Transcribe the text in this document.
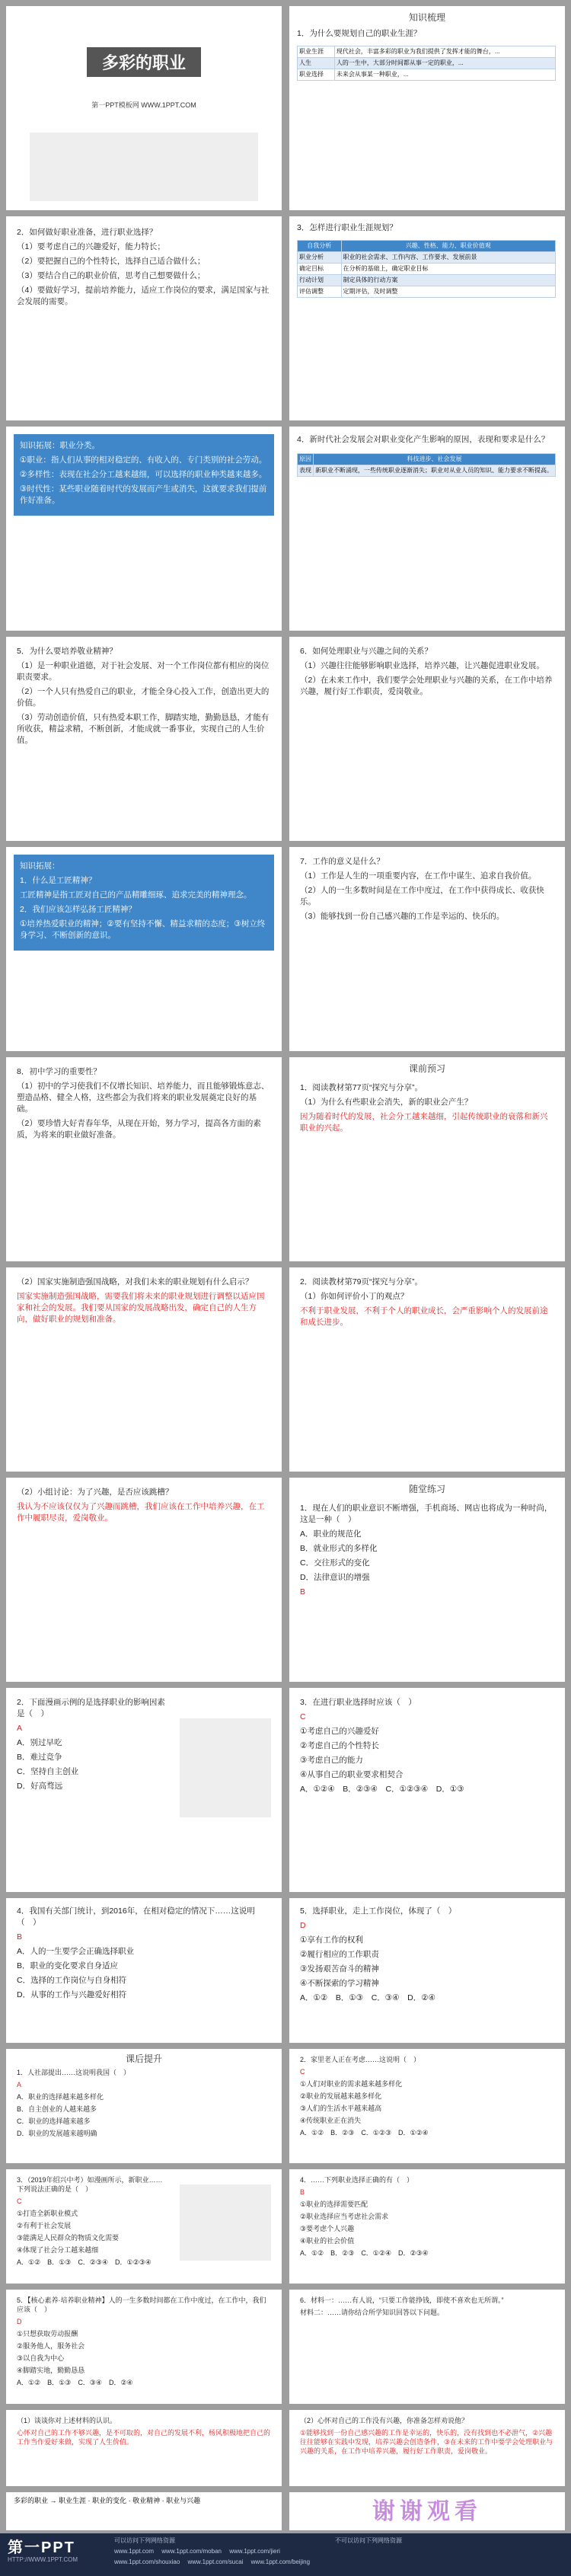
多彩的职业
第一PPT模板网 WWW.1PPT.COM
知识梳理
1．为什么要规划自己的职业生涯？
职业生涯	现代社会，丰富多彩的职业为我们提供了发挥才能的舞台，...
人生	人的一生中，大部分时间都从事一定的职业，...
职业选择	未来会从事某一种职业，...

2．如何做好职业准备，进行职业选择？

（1）要考虑自己的兴趣爱好，能力特长；

（2）要把握自己的个性特长，选择自己适合做什么；

（3）要结合自己的职业价值，思考自己想要做什么；

（4）要做好学习，提前培养能力，适应工作岗位的要求，满足国家与社会发展的需要。

3．怎样进行职业生涯规划？
自我分析	兴趣、性格、能力、职业价值观
职业分析	职业的社会需求、工作内容、工作要求、发展前景
确定目标	在分析的基础上，确定职业目标
行动计划	制定具体的行动方案
评估调整	定期评估，及时调整

知识拓展：职业分类。

①职业：指人们从事的相对稳定的、有收入的、专门类别的社会劳动。

②多样性：表现在社会分工越来越细，可以选择的职业种类越来越多。

③时代性：某些职业随着时代的发展而产生或消失，这就要求我们提前作好准备。

4．新时代社会发展会对职业变化产生影响的原因，表现和要求是什么？
原因	科技进步、社会发展
表现	新职业不断涌现，一些传统职业逐渐消失；职业对从业人员的知识、能力要求不断提高。

5．为什么要培养敬业精神？

（1）是一种职业道德，对于社会发展、对一个工作岗位都有相应的岗位职责要求。

（2）一个人只有热爱自己的职业，才能全身心投入工作，创造出更大的价值。

（3）劳动创造价值，只有热爱本职工作，脚踏实地，勤勤恳恳，才能有所收获，精益求精，不断创新，才能成就一番事业，实现自己的人生价值。

6．如何处理职业与兴趣之间的关系？

（1）兴趣往往能够影响职业选择，培养兴趣，让兴趣促进职业发展。

（2）在未来工作中，我们要学会处理职业与兴趣的关系，在工作中培养兴趣，履行好工作职责，爱岗敬业。

知识拓展：

1．什么是工匠精神？

工匠精神是指工匠对自己的产品精雕细琢、追求完美的精神理念。

2．我们应该怎样弘扬工匠精神？

①培养热爱职业的精神；②要有坚持不懈、精益求精的态度；③树立终身学习、不断创新的意识。

7．工作的意义是什么？

（1）工作是人生的一项重要内容，在工作中谋生、追求自我价值。

（2）人的一生多数时间是在工作中度过，在工作中获得成长、收获快乐。

（3）能够找到一份自己感兴趣的工作是幸运的、快乐的。

8．初中学习的重要性？

（1）初中的学习使我们不仅增长知识、培养能力，而且能够锻炼意志、塑造品格、健全人格，这些都会为我们将来的职业发展奠定良好的基础。

（2）要珍惜大好青春年华，从现在开始，努力学习，提高各方面的素质，为将来的职业做好准备。

课前预习

1．阅读教材第77页“探究与分享”。

（1）为什么有些职业会消失，新的职业会产生？

因为随着时代的发展，社会分工越来越细，引起传统职业的衰落和新兴职业的兴起。

（2）国家实施制造强国战略，对我们未来的职业规划有什么启示？

国家实施制造强国战略，需要我们将未来的职业规划进行调整以适应国家和社会的发展。我们要从国家的发展战略出发，确定自己的人生方向，做好职业的规划和准备。

2．阅读教材第79页“探究与分享”。

（1）你如何评价小丁的观点？

不利于职业发展，不利于个人的职业成长，会严重影响个人的发展前途和成长进步。

（2）小组讨论：为了兴趣，是否应该跳槽？

我认为不应该仅仅为了兴趣而跳槽，我们应该在工作中培养兴趣，在工作中履职尽责，爱岗敬业。

随堂练习

1．现在人们的职业意识不断增强，手机商场、网店也将成为一种时尚，这是一种（　）

A．职业的规范化

B．就业形式的多样化

C．交往形式的变化

D．法律意识的增强

B

2．下面漫画示例的是选择职业的影响因素是（　）

A

A．别过早吃

B．难过竞争

C．坚持自主创业

D．好高骛远

3．在进行职业选择时应该（　）

C

①考虑自己的兴趣爱好

②考虑自己的个性特长

③考虑自己的能力

④从事自己的职业要求相契合

A．①②④　 B．②③④　 C．①②③④　 D．①③

4．我国有关部门统计，到2016年，在相对稳定的情况下……这说明（　）

B

A．人的一生要学会正确选择职业

B．职业的变化要求自身适应

C．选择的工作岗位与自身相符

D．从事的工作与兴趣爱好相符

5．选择职业，走上工作岗位，体现了（　）

D

①享有工作的权利

②履行相应的工作职责

③发扬艰苦奋斗的精神

④不断探索的学习精神

A．①②　 B．①③　 C．③④　 D．②④

课后提升

1．人社部提出……这说明我国（　）

A

A．职业的选择越来越多样化

B．自主创业的人越来越多

C．职业的选择越来越多

D．职业的发展越来越明确

2．家里老人正在考虑……这说明（　）

C

①人们对职业的需求越来越多样化

②职业的发展越来越多样化

③人们的生活水平越来越高

④传统职业正在消失

A．①②　 B．②③　 C．①②③　 D．①②④

3．（2019年绍兴中考）如漫画所示，新职业……下列说法正确的是（　）

C

①打造全新职业模式

②有利于社会发展

③能满足人民群众的物质文化需要

④体现了社会分工越来越细

A．①②　 B．①③　 C．②③④　 D．①②③④

4．……下列职业选择正确的有（　）

B

①职业的选择需要匹配

②职业选择应当考虑社会需求

③要考虑个人兴趣

④职业的社会价值

A．①②　 B．②③　 C．①②④　 D．②③④

5．【核心素养·培养职业精神】人的一生多数时间都在工作中度过，在工作中，我们应该（　）

D

①只想获取劳动报酬

②服务他人，服务社会

③以自我为中心

④脚踏实地，勤勤恳恳

A．①②　 B．①③　 C．③④　 D．②④

6．材料一：……有人说，“只要工作能挣钱，即使不喜欢也无所谓。”

材料二：……请你结合所学知识回答以下问题。

（1）谈谈你对上述材料的认识。

心怀对自己的工作不够兴趣，是不可取的，对自己的发展不利，杨风积极地把自己的工作当作爱好来做，实现了人生价值。

（2）心怀对自己的工作没有兴趣，你准备怎样劝说他？

①能够找到一份自己感兴趣的工作是幸运的，快乐的，没有找到也不必泄气，②兴趣往往能够在实践中发现，培养兴趣会创造条件，③在未来的工作中要学会处理职业与兴趣的关系，在工作中培养兴趣，履行好工作职责，爱岗敬业。

多彩的职业 → 职业生涯 · 职业的变化 · 敬业精神 · 职业与兴趣	谢谢观看
第一PPT
HTTP://WWW.1PPT.COM
可以访问下列网络资源	不可以访问下列网络资源
www.1ppt.com　 www.1ppt.com/moban　 www.1ppt.com/jieri
www.1ppt.com/shouxiao　 www.1ppt.com/sucai　 www.1ppt.com/beijing
